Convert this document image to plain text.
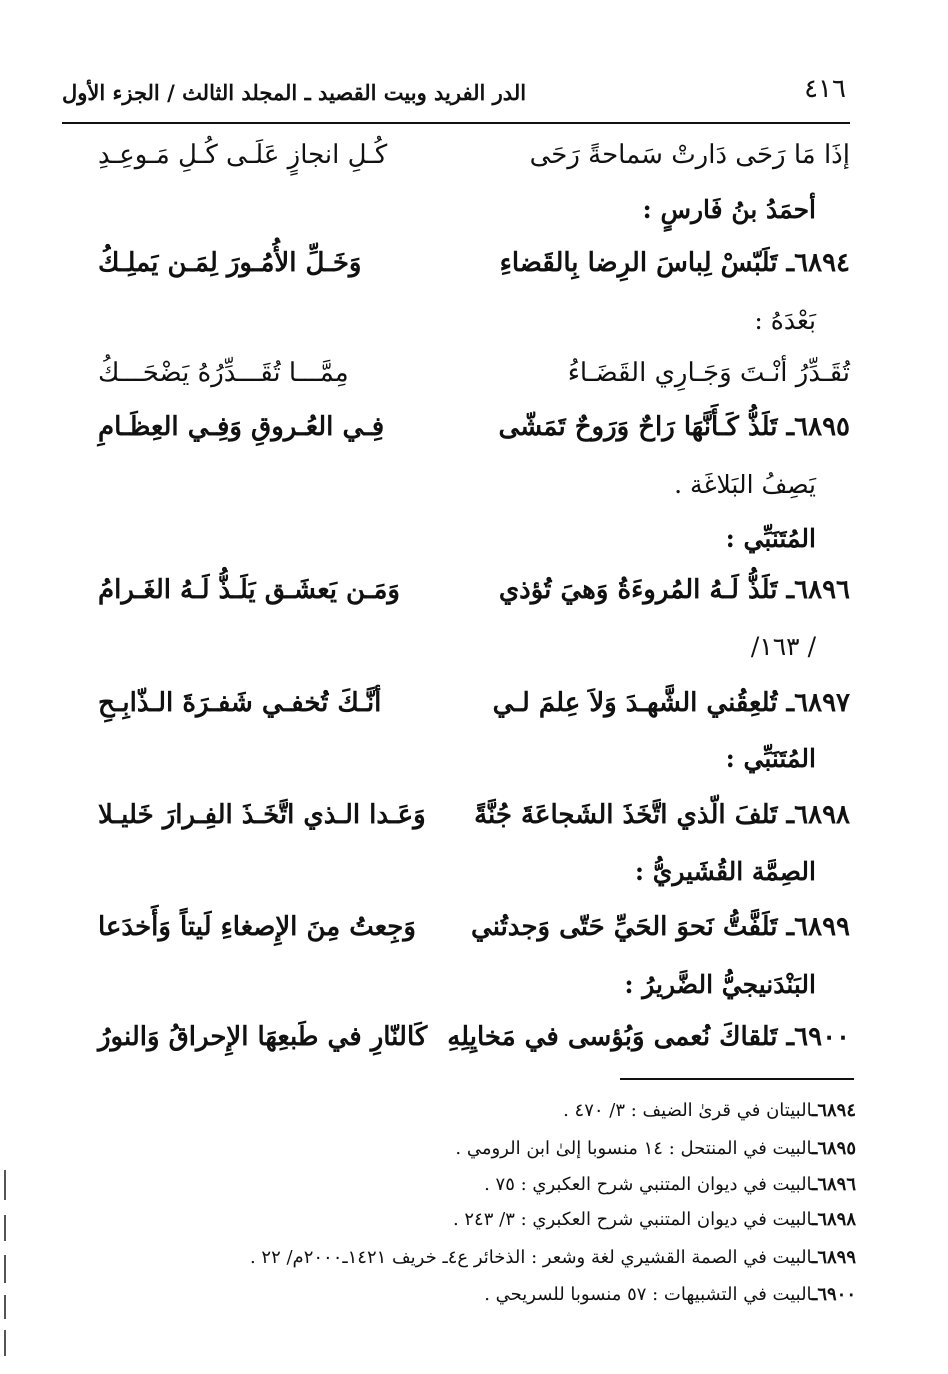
٤١٦
الدر الفريد وبيت القصيد ـ المجلد الثالث / الجزء الأول
إذَا مَا رَحَى دَارتْ سَماحةً رَحَى
كُـلِ انجازٍ عَلَـى كُـلِ مَـوعِـدِ
أحمَدُ بنُ فَارسٍ :
٦٨٩٤ـ تَلَبّسْ لِباسَ الرِضا بِالقَضاءِ
وَخَـلِّ الأُمُـورَ لِمَـن يَملِـكُ
بَعْدَهُ :
تُقَـدِّرُ أنْـتَ وَجَـارِي القَضَـاءُ
مِمَّـــا تُقَـــدِّرُهُ يَضْحَـــكُ
٦٨٩٥ـ تَلَذُّ كَـأَنَّهَا رَاحٌ وَرَوحٌ تَمَشّى
فِـي العُـروقِ وَفِـي العِظَـامِ
يَصِفُ البَلاغَة .
المُتَنَبِّي :
٦٨٩٦ـ تَلَذُّ لَـهُ المُروءَةُ وَهيَ تُؤذي
وَمَـن يَعشَـق يَلَـذُّ لَـهُ الغَـرامُ
/ ١٦٣/
٦٨٩٧ـ تُلعِقُني الشَّهـدَ وَلاَ عِلمَ لـي
أنَّـكَ تُخفـي شَفـرَةَ الـذّابِـحِ
المُتَنَبِّي :
٦٨٩٨ـ تَلفَ الّذي اتَّخَذَ الشَجاعَةَ جُنَّةً
وَعَـدا الـذي اتَّخَـذَ الفِـرارَ خَليـلا
الصِمَّة القُشَيريُّ :
٦٨٩٩ـ تَلَفَّتُّ نَحوَ الحَيِّ حَتّى وَجدتُني
وَجِعتُ مِنَ الإِصغاءِ لَيتاً وَأَخدَعا
البَنْدَنيجيُّ الضَّريرُ :
٦٩٠٠ـ تَلقاكَ نُعمى وَبُؤسى في مَخايِلِهِ
كَالنّارِ في طَبعِهَا الإِحراقُ وَالنورُ
٦٨٩٤ـالبيتان في قرىٰ الضيف : ٣/ ٤٧٠ .
٦٨٩٥ـالبيت في المنتحل : ١٤ منسوبا إلىٰ ابن الرومي .
٦٨٩٦ـالبيت في ديوان المتنبي شرح العكبري : ٧٥ .
٦٨٩٨ـالبيت في ديوان المتنبي شرح العكبري : ٣/ ٢٤٣ .
٦٨٩٩ـالبيت في الصمة القشيري لغة وشعر : الذخائر ع٤ـ خريف ١٤٢١ـ٢٠٠٠م/ ٢٢ .
٦٩٠٠ـالبيت في التشبيهات : ٥٧ منسوبا للسريحي .
